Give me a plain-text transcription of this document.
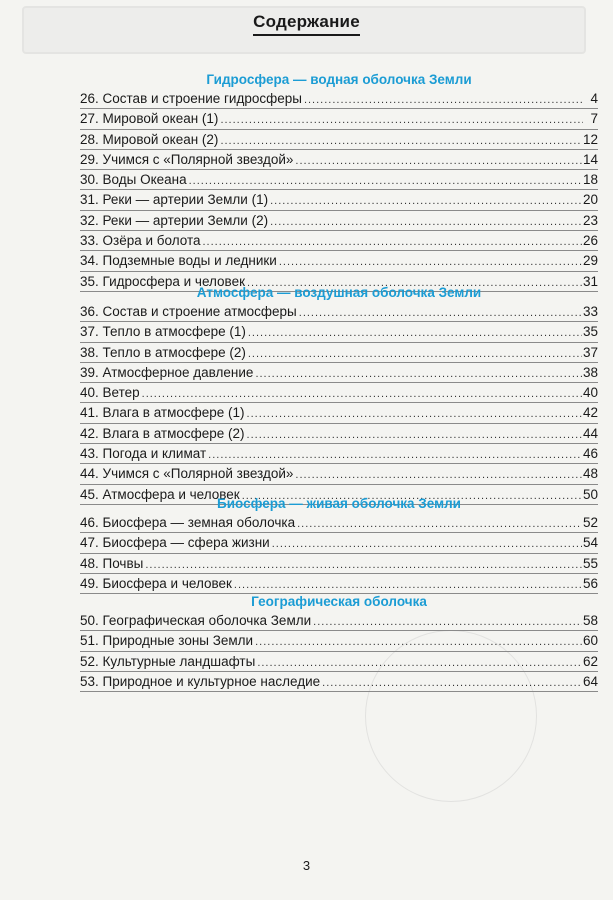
Содержание
Гидросфера — водная оболочка Земли
26. Состав и строение гидросферы .....	4
27. Мировой океан (1) .....	7
28. Мировой океан (2) .....	12
29. Учимся с «Полярной звездой» .....	14
30. Воды Океана .....	18
31. Реки — артерии Земли (1) .....	20
32. Реки — артерии Земли (2) .....	23
33. Озёра и болота .....	26
34. Подземные воды и ледники .....	29
35. Гидросфера и человек .....	31
Атмосфера — воздушная оболочка Земли
36. Состав и строение атмосферы .....	33
37. Тепло в атмосфере (1) .....	35
38. Тепло в атмосфере (2) .....	37
39. Атмосферное давление .....	38
40. Ветер .....	40
41. Влага в атмосфере (1) .....	42
42. Влага в атмосфере (2) .....	44
43. Погода и климат .....	46
44. Учимся с «Полярной звездой» .....	48
45. Атмосфера и человек .....	50
Биосфера — живая оболочка Земли
46. Биосфера — земная оболочка .....	52
47. Биосфера — сфера жизни .....	54
48. Почвы .....	55
49. Биосфера и человек .....	56
Географическая оболочка
50. Географическая оболочка Земли .....	58
51. Природные зоны Земли .....	60
52. Культурные ландшафты .....	62
53. Природное и культурное наследие .....	64
3
